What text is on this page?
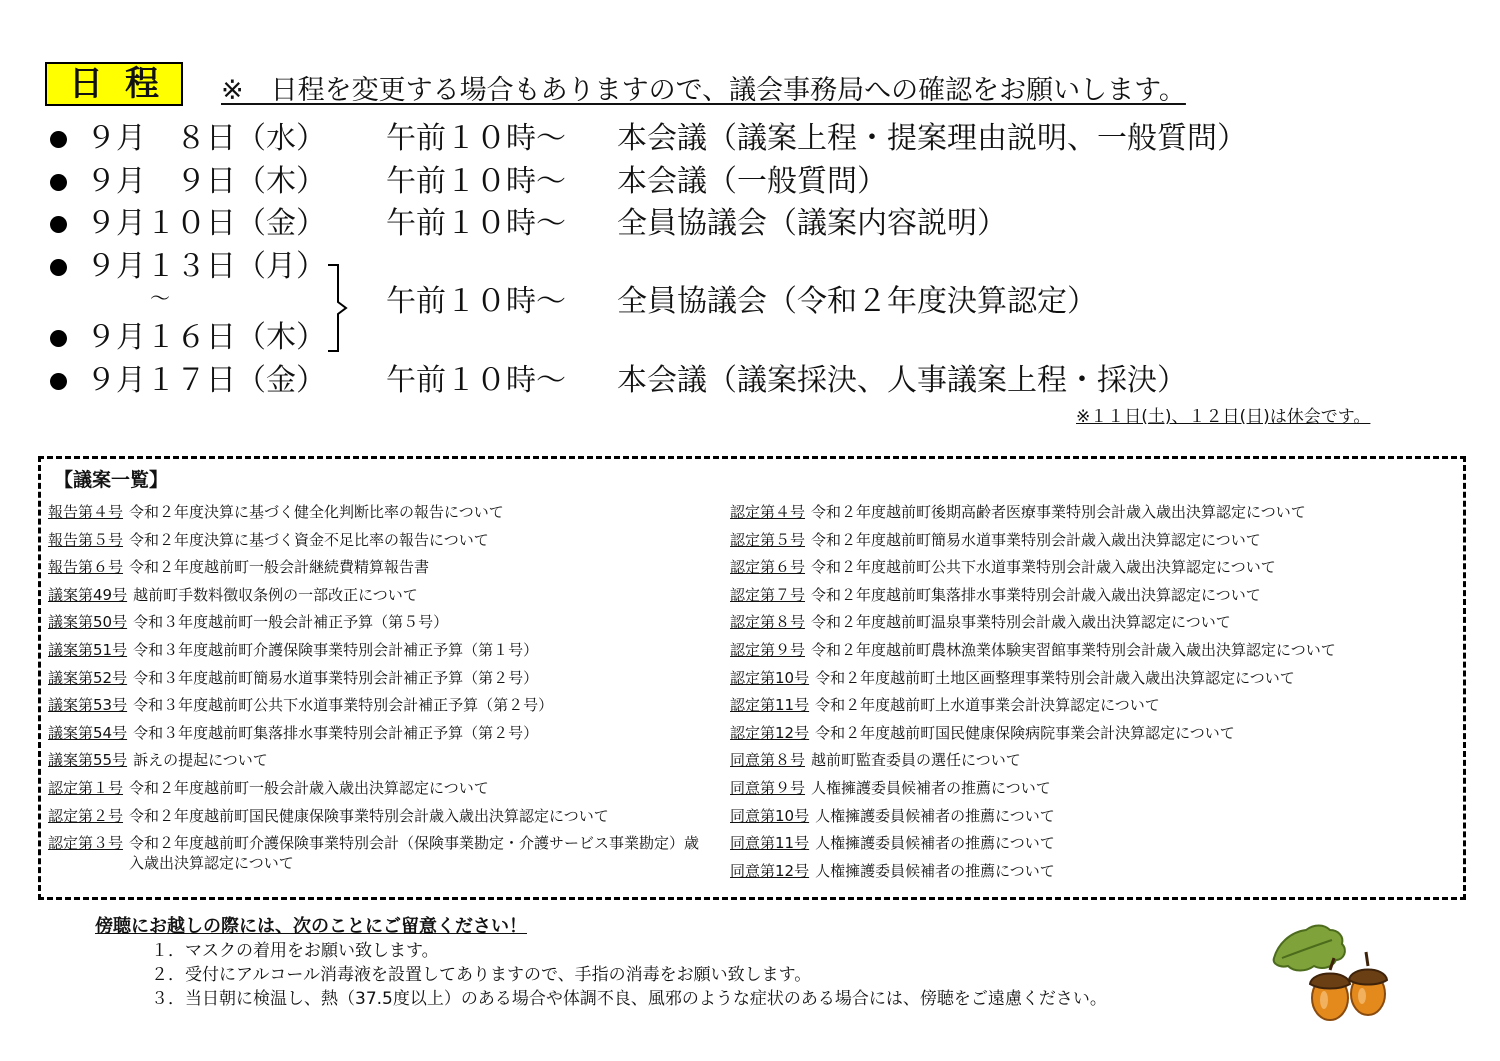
日程 ※　日程を変更する場合もありますので、議会事務局への確認をお願いします。
９月　８日（水） 午前１０時～ 本会議（議案上程・提案理由説明、一般質問）
９月　９日（木） 午前１０時～ 本会議（一般質問）
９月１０日（金） 午前１０時～ 全員協議会（議案内容説明）
９月１３日（月）
～	午前１０時～ 全員協議会（令和２年度決算認定）
９月１６日（木）
９月１７日（金） 午前１０時～ 本会議（議案採決、人事議案上程・採決）
※１１日(土)、１２日(日)は休会です。
【議案一覧】
報告第４号 令和２年度決算に基づく健全化判断比率の報告について
報告第５号 令和２年度決算に基づく資金不足比率の報告について
報告第６号 令和２年度越前町一般会計継続費精算報告書
議案第49号 越前町手数料徴収条例の一部改正について
議案第50号 令和３年度越前町一般会計補正予算（第５号）
議案第51号 令和３年度越前町介護保険事業特別会計補正予算（第１号）
議案第52号 令和３年度越前町簡易水道事業特別会計補正予算（第２号）
議案第53号 令和３年度越前町公共下水道事業特別会計補正予算（第２号）
議案第54号 令和３年度越前町集落排水事業特別会計補正予算（第２号）
議案第55号 訴えの提起について
認定第１号 令和２年度越前町一般会計歳入歳出決算認定について
認定第２号 令和２年度越前町国民健康保険事業特別会計歳入歳出決算認定について
認定第３号 令和２年度越前町介護保険事業特別会計（保険事業勘定・介護サービス事業勘定）歳入歳出決算認定について
認定第４号 令和２年度越前町後期高齢者医療事業特別会計歳入歳出決算認定について
認定第５号 令和２年度越前町簡易水道事業特別会計歳入歳出決算認定について
認定第６号 令和２年度越前町公共下水道事業特別会計歳入歳出決算認定について
認定第７号 令和２年度越前町集落排水事業特別会計歳入歳出決算認定について
認定第８号 令和２年度越前町温泉事業特別会計歳入歳出決算認定について
認定第９号 令和２年度越前町農林漁業体験実習館事業特別会計歳入歳出決算認定について
認定第10号 令和２年度越前町土地区画整理事業特別会計歳入歳出決算認定について
認定第11号 令和２年度越前町上水道事業会計決算認定について
認定第12号 令和２年度越前町国民健康保険病院事業会計決算認定について
同意第８号 越前町監査委員の選任について
同意第９号 人権擁護委員候補者の推薦について
同意第10号 人権擁護委員候補者の推薦について
同意第11号 人権擁護委員候補者の推薦について
同意第12号 人権擁護委員候補者の推薦について
傍聴にお越しの際には、次のことにご留意ください！
１．マスクの着用をお願い致します。
２．受付にアルコール消毒液を設置してありますので、手指の消毒をお願い致します。
３．当日朝に検温し、熱（37.5度以上）のある場合や体調不良、風邪のような症状のある場合には、傍聴をご遠慮ください。
